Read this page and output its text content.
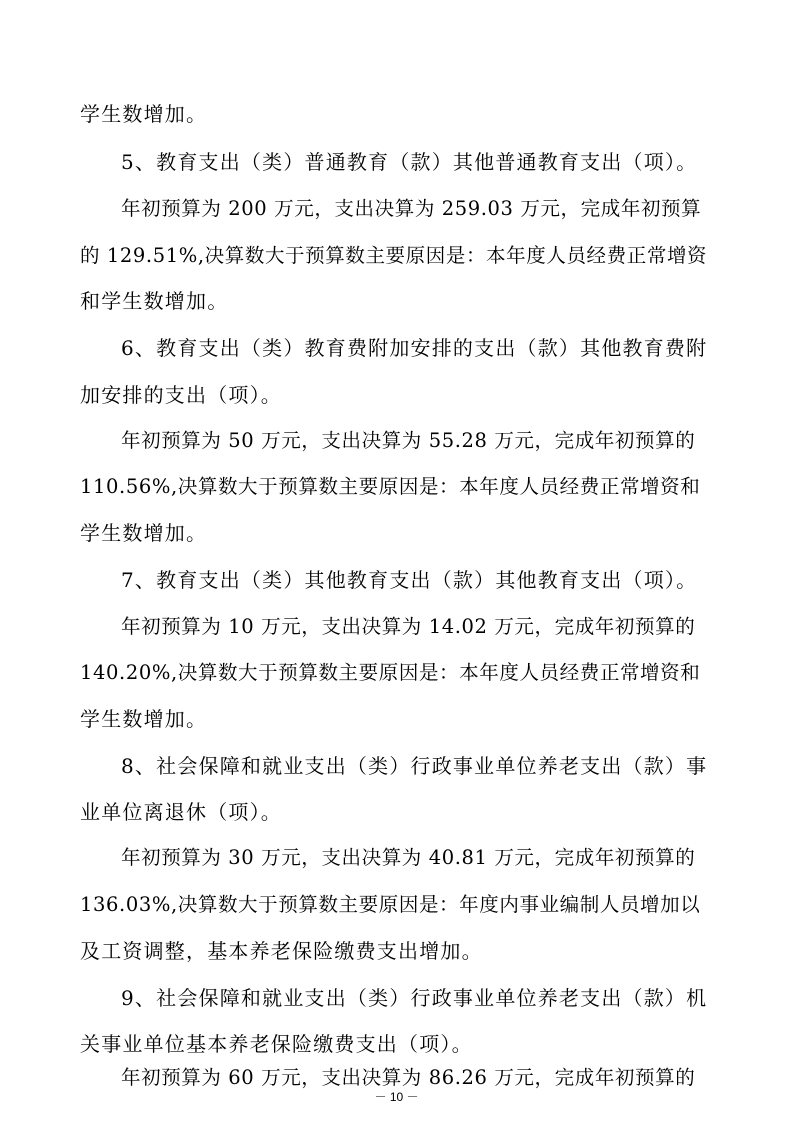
学生数增加。
5、教育支出（类）普通教育（款）其他普通教育支出（项）。
年初预算为 200 万元，支出决算为 259.03 万元，完成年初预算
的 129.51%,决算数大于预算数主要原因是：本年度人员经费正常增资
和学生数增加。
6、教育支出（类）教育费附加安排的支出（款）其他教育费附
加安排的支出（项）。
年初预算为 50 万元，支出决算为 55.28 万元，完成年初预算的
110.56%,决算数大于预算数主要原因是：本年度人员经费正常增资和
学生数增加。
7、教育支出（类）其他教育支出（款）其他教育支出（项）。
年初预算为 10 万元，支出决算为 14.02 万元，完成年初预算的
140.20%,决算数大于预算数主要原因是：本年度人员经费正常增资和
学生数增加。
8、社会保障和就业支出（类）行政事业单位养老支出（款）事
业单位离退休（项）。
年初预算为 30 万元，支出决算为 40.81 万元，完成年初预算的
136.03%,决算数大于预算数主要原因是：年度内事业编制人员增加以
及工资调整，基本养老保险缴费支出增加。
9、社会保障和就业支出（类）行政事业单位养老支出（款）机
关事业单位基本养老保险缴费支出（项）。
年初预算为 60 万元，支出决算为 86.26 万元，完成年初预算的
－ 10 －
